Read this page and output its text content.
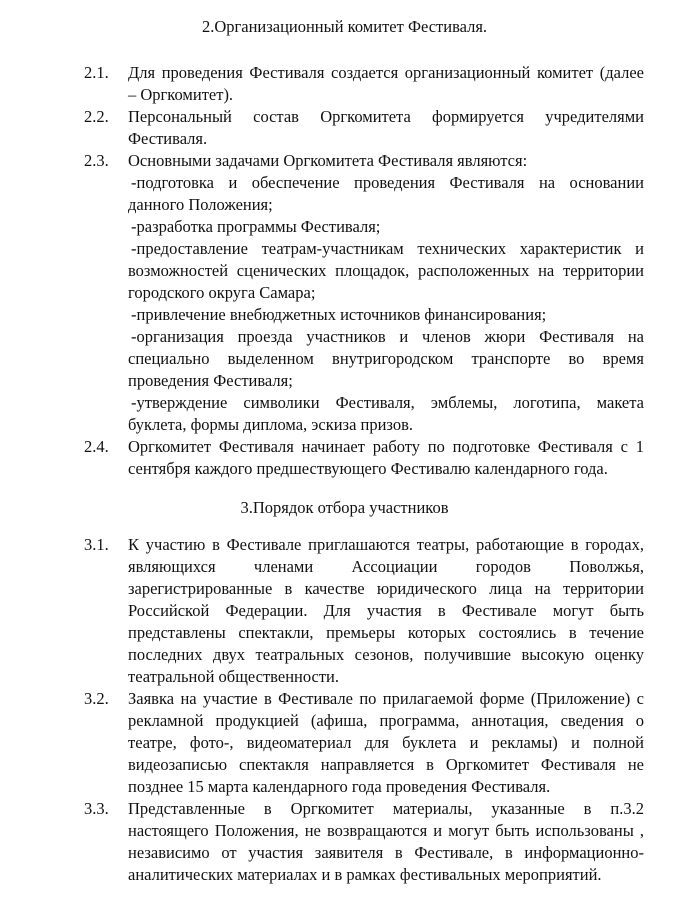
2.Организационный комитет Фестиваля.
2.1.	Для проведения Фестиваля создается организационный комитет (далее
– Оргкомитет).
2.2.	Персональный состав Оргкомитета формируется учредителями
Фестиваля.
2.3.	Основными задачами Оргкомитета Фестиваля являются:
-подготовка и обеспечение проведения Фестиваля на основании
данного Положения;
-разработка программы Фестиваля;
-предоставление театрам-участникам технических характеристик и
возможностей сценических площадок, расположенных на территории
городского округа Самара;
-привлечение внебюджетных источников финансирования;
-организация проезда участников и членов жюри Фестиваля на
специально выделенном внутригородском транспорте во время
проведения Фестиваля;
-утверждение символики Фестиваля, эмблемы, логотипа, макета
буклета, формы диплома, эскиза призов.
2.4.	Оргкомитет Фестиваля начинает работу по подготовке Фестиваля с 1
сентября каждого предшествующего Фестивалю календарного года.
3.Порядок отбора участников
3.1.	К участию в Фестивале приглашаются театры, работающие в городах,
являющихся членами Ассоциации городов Поволжья,
зарегистрированные в качестве юридического лица на территории
Российской Федерации. Для участия в Фестивале могут быть
представлены спектакли, премьеры которых состоялись в течение
последних двух театральных сезонов, получившие высокую оценку
театральной общественности.
3.2.	Заявка на участие в Фестивале по прилагаемой форме (Приложение) с
рекламной продукцией (афиша, программа, аннотация, сведения о
театре, фото-, видеоматериал для буклета и рекламы) и полной
видеозаписью спектакля направляется в Оргкомитет Фестиваля не
позднее 15 марта календарного года проведения Фестиваля.
3.3.	Представленные в Оргкомитет материалы, указанные в п.3.2
настоящего Положения, не возвращаются и могут быть использованы ,
независимо от участия заявителя в Фестивале, в информационно-
аналитических материалах и в рамках фестивальных мероприятий.
